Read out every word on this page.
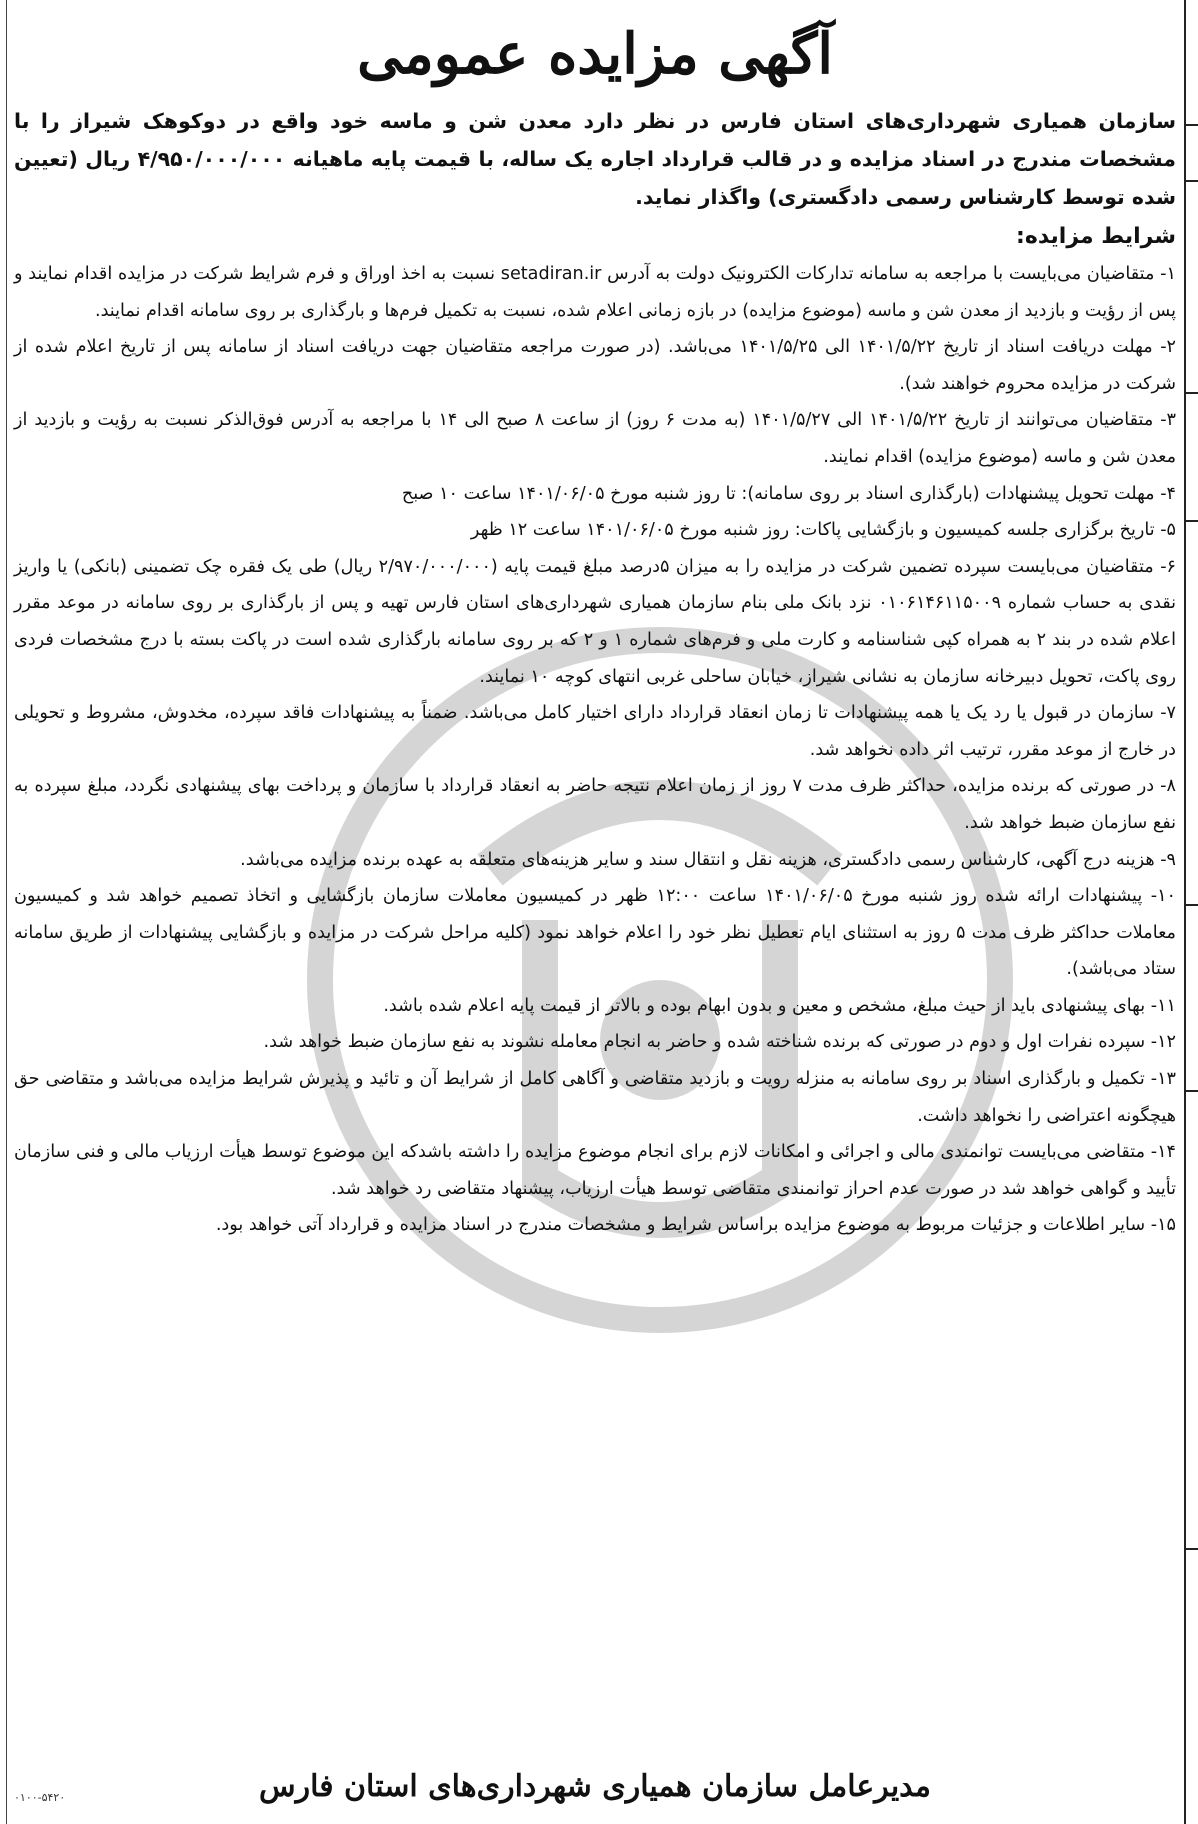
آگهی مزایده عمومی

سازمان همیاری شهرداری‌های استان فارس در نظر دارد معدن شن و ماسه خود واقع در دوکوهک شیراز را با مشخصات مندرج در اسناد مزایده و در قالب قرارداد اجاره یک ساله، با قیمت پایه ماهیانه ۴/۹۵۰/۰۰۰/۰۰۰ ریال (تعیین شده توسط کارشناس رسمی دادگستری) واگذار نماید.

شرایط مزایده:

۱- متقاضیان می‌بایست با مراجعه به سامانه تدارکات الکترونیک دولت به آدرس setadiran.ir نسبت به اخذ اوراق و فرم شرایط شرکت در مزایده اقدام نمایند و پس از رؤیت و بازدید از معدن شن و ماسه (موضوع مزایده) در بازه زمانی اعلام شده، نسبت به تکمیل فرم‌ها و بارگذاری بر روی سامانه اقدام نمایند.

۲- مهلت دریافت اسناد از تاریخ ۱۴۰۱/۵/۲۲ الی ۱۴۰۱/۵/۲۵ می‌باشد. (در صورت مراجعه متقاضیان جهت دریافت اسناد از سامانه پس از تاریخ اعلام شده از شرکت در مزایده محروم خواهند شد).

۳- متقاضیان می‌توانند از تاریخ ۱۴۰۱/۵/۲۲ الی ۱۴۰۱/۵/۲۷ (به مدت ۶ روز) از ساعت ۸ صبح الی ۱۴ با مراجعه به آدرس فوق‌الذکر نسبت به رؤیت و بازدید از معدن شن و ماسه (موضوع مزایده) اقدام نمایند.

۴- مهلت تحویل پیشنهادات (بارگذاری اسناد بر روی سامانه): تا روز شنبه مورخ ۱۴۰۱/۰۶/۰۵ ساعت ۱۰ صبح

۵- تاریخ برگزاری جلسه کمیسیون و بازگشایی پاکات: روز شنبه مورخ ۱۴۰۱/۰۶/۰۵ ساعت ۱۲ ظهر

۶- متقاضیان می‌بایست سپرده تضمین شرکت در مزایده را به میزان ۵درصد مبلغ قیمت پایه (۲/۹۷۰/۰۰۰/۰۰۰ ریال) طی یک فقره چک تضمینی (بانکی) یا واریز نقدی به حساب شماره ۰۱۰۶۱۴۶۱۱۵۰۰۹ نزد بانک ملی بنام سازمان همیاری شهرداری‌های استان فارس تهیه و پس از بارگذاری بر روی سامانه در موعد مقرر اعلام شده در بند ۲ به همراه کپی شناسنامه و کارت ملی و فرم‌های شماره ۱ و ۲ که بر روی سامانه بارگذاری شده است در پاکت بسته با درج مشخصات فردی روی پاکت، تحویل دبیرخانه سازمان به نشانی شیراز، خیابان ساحلی غربی انتهای کوچه ۱۰ نمایند.

۷- سازمان در قبول یا رد یک یا همه پیشنهادات تا زمان انعقاد قرارداد دارای اختیار کامل می‌باشد. ضمناً به پیشنهادات فاقد سپرده، مخدوش، مشروط و تحویلی در خارج از موعد مقرر، ترتیب اثر داده نخواهد شد.

۸- در صورتی که برنده مزایده، حداکثر ظرف مدت ۷ روز از زمان اعلام نتیجه حاضر به انعقاد قرارداد با سازمان و پرداخت بهای پیشنهادی نگردد، مبلغ سپرده به نفع سازمان ضبط خواهد شد.

۹- هزینه درج آگهی، کارشناس رسمی دادگستری، هزینه نقل و انتقال سند و سایر هزینه‌های متعلقه به عهده برنده مزایده می‌باشد.

۱۰- پیشنهادات ارائه شده روز شنبه مورخ ۱۴۰۱/۰۶/۰۵ ساعت ۱۲:۰۰ ظهر در کمیسیون معاملات سازمان بازگشایی و اتخاذ تصمیم خواهد شد و کمیسیون معاملات حداکثر ظرف مدت ۵ روز به استثنای ایام تعطیل نظر خود را اعلام خواهد نمود (کلیه مراحل شرکت در مزایده و بازگشایی پیشنهادات از طریق سامانه ستاد می‌باشد).

۱۱- بهای پیشنهادی باید از حیث مبلغ، مشخص و معین و بدون ابهام بوده و بالاتر از قیمت پایه اعلام شده باشد.

۱۲- سپرده نفرات اول و دوم در صورتی که برنده شناخته شده و حاضر به انجام معامله نشوند به نفع سازمان ضبط خواهد شد.

۱۳- تکمیل و بارگذاری اسناد بر روی سامانه به منزله رویت و بازدید متقاضی و آگاهی کامل از شرایط آن و تائید و پذیرش شرایط مزایده می‌باشد و متقاضی حق هیچگونه اعتراضی را نخواهد داشت.

۱۴- متقاضی می‌بایست توانمندی مالی و اجرائی و امکانات لازم برای انجام موضوع مزایده را داشته باشدکه این موضوع توسط هیأت ارزیاب مالی و فنی سازمان تأیید و گواهی خواهد شد در صورت عدم احراز توانمندی متقاضی توسط هیأت ارزیاب، پیشنهاد متقاضی رد خواهد شد.

۱۵- سایر اطلاعات و جزئیات مربوط به موضوع مزایده براساس شرایط و مشخصات مندرج در اسناد مزایده و قرارداد آتی خواهد بود.

مدیرعامل سازمان همیاری شهرداری‌های استان فارس
۰۱۰۰-۵۴۲۰
